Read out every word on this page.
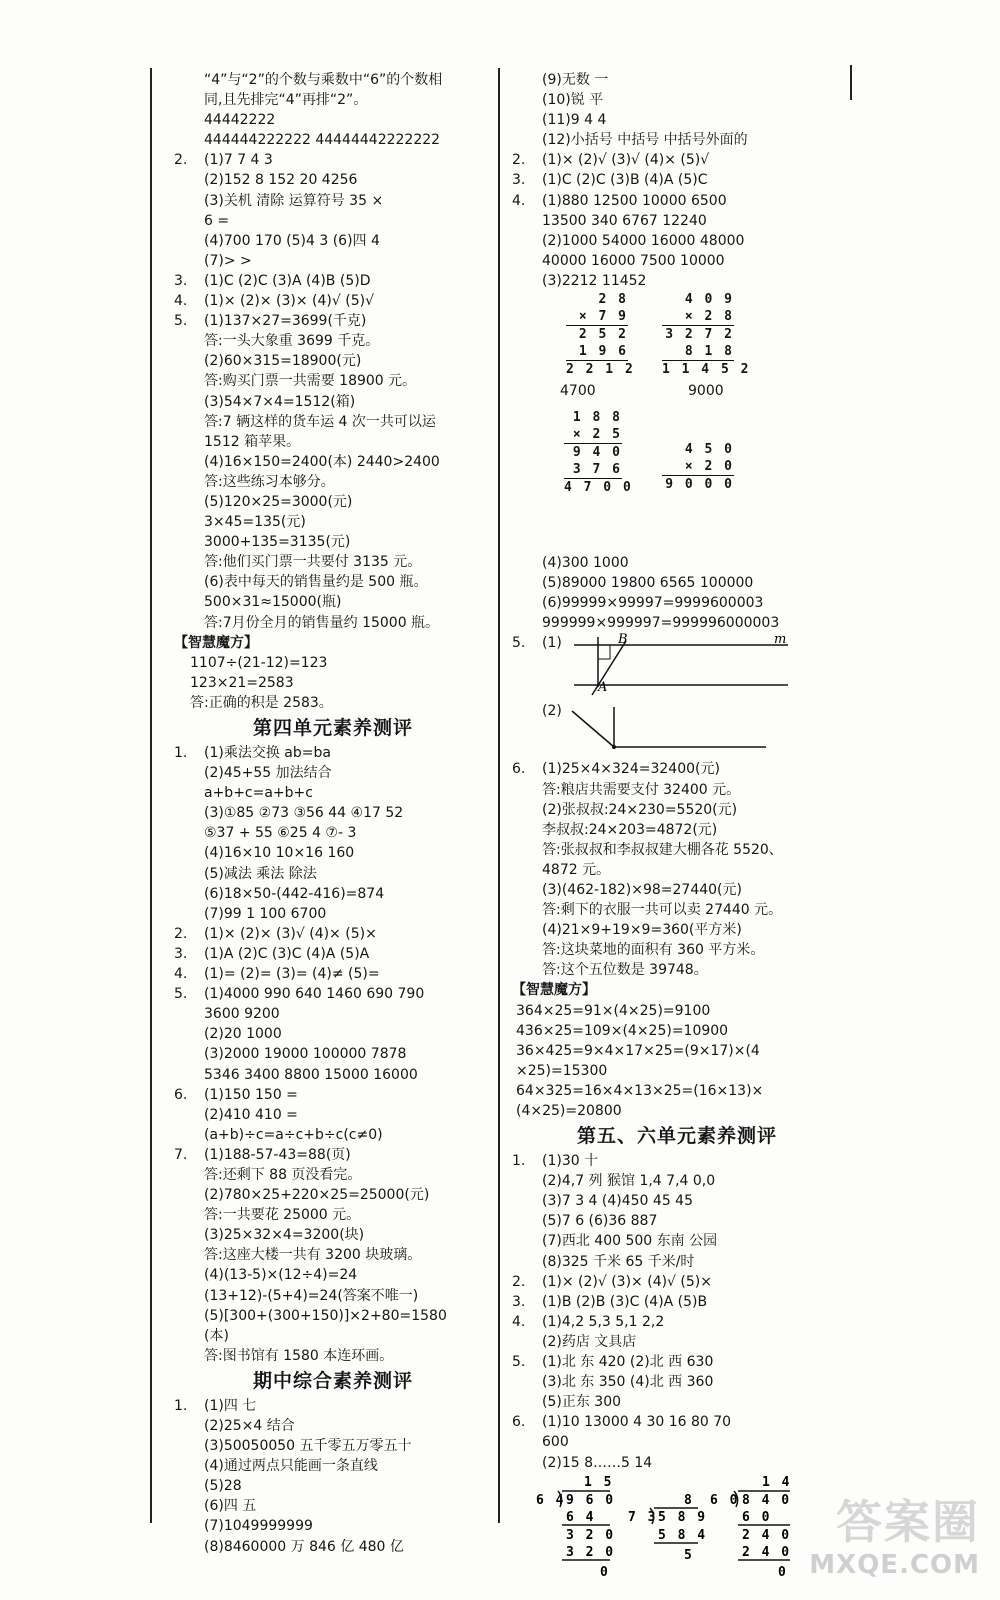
“4”与“2”的个数与乘数中“6”的个数相
同,且先排完“4”再排“2”。
44442222
444444222222 44444442222222
2. (1)7 7 4 3
(2)152 8 152 20 4256
(3)关机 清除 运算符号 35 ×
6 =
(4)700 170 (5)4 3 (6)四 4
(7)> >
3. (1)C (2)C (3)A (4)B (5)D
4. (1)× (2)× (3)× (4)√ (5)√
5. (1)137×27=3699(千克)
答:一头大象重 3699 千克。
(2)60×315=18900(元)
答:购买门票一共需要 18900 元。
(3)54×7×4=1512(箱)
答:7 辆这样的货车运 4 次一共可以运
1512 箱苹果。
(4)16×150=2400(本) 2440>2400
答:这些练习本够分。
(5)120×25=3000(元)
3×45=135(元)
3000+135=3135(元)
答:他们买门票一共要付 3135 元。
(6)表中每天的销售量约是 500 瓶。
500×31≈15000(瓶)
答:7月份全月的销售量约 15000 瓶。
【智慧魔方】
1107÷(21-12)=123
123×21=2583
答:正确的积是 2583。
第四单元素养测评
1. (1)乘法交换 ab=ba
(2)45+55 加法结合
a+b+c=a+b+c
(3)①85 ②73 ③56 44 ④17 52
⑤37 + 55 ⑥25 4 ⑦- 3
(4)16×10 10×16 160
(5)减法 乘法 除法
(6)18×50-(442-416)=874
(7)99 1 100 6700
2. (1)× (2)× (3)√ (4)× (5)×
3. (1)A (2)C (3)C (4)A (5)A
4. (1)= (2)= (3)= (4)≠ (5)=
5. (1)4000 990 640 1460 690 790
3600 9200
(2)20 1000
(3)2000 19000 100000 7878
5346 3400 8800 15000 16000
6. (1)150 150 =
(2)410 410 =
(a+b)÷c=a÷c+b÷c(c≠0)
7. (1)188-57-43=88(页)
答:还剩下 88 页没看完。
(2)780×25+220×25=25000(元)
答:一共要花 25000 元。
(3)25×32×4=3200(块)
答:这座大楼一共有 3200 块玻璃。
(4)(13-5)×(12÷4)=24
(13+12)-(5+4)=24(答案不唯一)
(5)[300+(300+150)]×2+80=1580
(本)
答:图书馆有 1580 本连环画。
期中综合素养测评
1. (1)四 七
(2)25×4 结合
(3)50050050 五千零五万零五十
(4)通过两点只能画一条直线
(5)28
(6)四 五
(7)1049999999
(8)8460000 万 846 亿 480 亿
(9)无数 一
(10)锐 平
(11)9 4 4
(12)小括号 中括号 中括号外面的
2. (1)× (2)√ (3)√ (4)× (5)√
3. (1)C (2)C (3)B (4)A (5)C
4. (1)880 12500 10000 6500
13500 340 6767 12240
(2)1000 54000 16000 48000
40000 16000 7500 10000
(3)2212 11452
2 8
× 7 9
2 5 2
1 9 6
2 2 1 2
4 0 9
× 2 8
3 2 7 2
8 1 8
1 1 4 5 2
4700	9000
1 8 8
× 2 5
9 4 0
3 7 6
4 7 0 0
4 5 0
× 2 0
9 0 0 0
(4)300 1000
(5)89000 19800 6565 100000
(6)99999×99997=9999600003
999999×999997=999996000003
5. (1)
(2)
B	m
A
6. (1)25×4×324=32400(元)
答:粮店共需要支付 32400 元。
(2)张叔叔:24×230=5520(元)
李叔叔:24×203=4872(元)
答:张叔叔和李叔叔建大棚各花 5520、
4872 元。
(3)(462-182)×98=27440(元)
答:剩下的衣服一共可以卖 27440 元。
(4)21×9+19×9=360(平方米)
答:这块菜地的面积有 360 平方米。
答:这个五位数是 39748。
【智慧魔方】
364×25=91×(4×25)=9100
436×25=109×(4×25)=10900
36×425=9×4×17×25=(9×17)×(4
×25)=15300
64×325=16×4×13×25=(16×13)×
(4×25)=20800
第五、六单元素养测评
1. (1)30 十
(2)4,7 列 猴馆 1,4 7,4 0,0
(3)7 3 4 (4)450 45 45
(5)7 6 (6)36 887
(7)西北 400 500 东南 公园
(8)325 千米 65 千米/时
2. (1)× (2)√ (3)× (4)√ (5)×
3. (1)B (2)B (3)C (4)A (5)B
4. (1)4,2 5,3 5,1 2,2
(2)药店 文具店
5. (1)北 东 420 (2)北 西 630
(3)北 东 350 (4)北 西 360
(5)正东 300
6. (1)10 13000 4 30 16 80 70
600
(2)15 8……5 14
1 5
6 4 9 6 0
6 4
3 2 0
3 2 0
0
8
7 3 5 8 9
5 8 4
5
1 4
6 0 8 4 0
6 0
2 4 0
2 4 0
0
答案圈
MXQE.COM
